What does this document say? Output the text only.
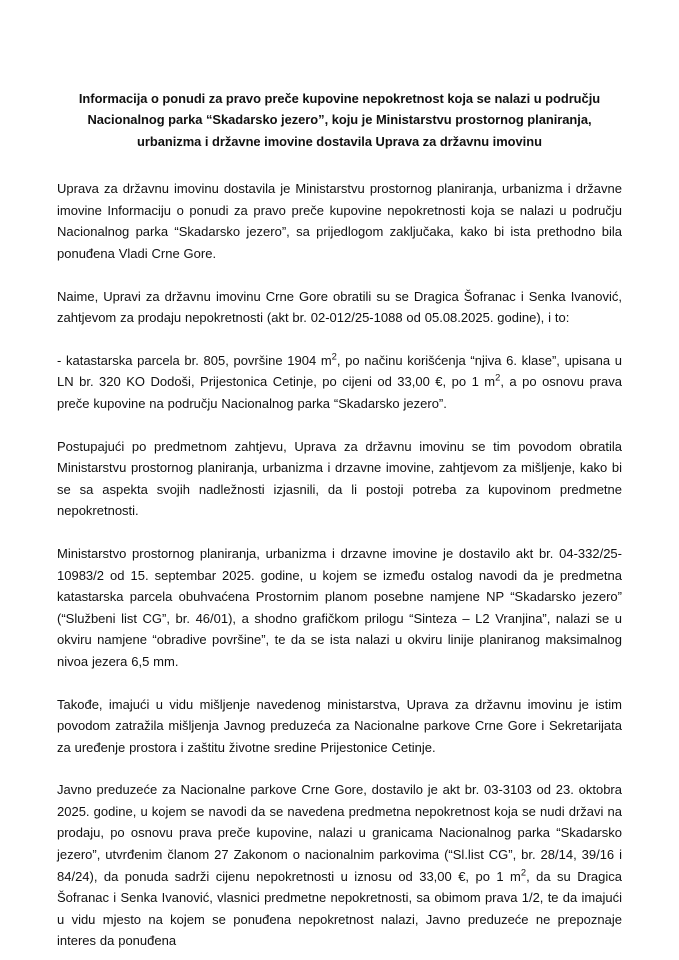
Informacija o ponudi za pravo preče kupovine nepokretnost koja se nalazi u području Nacionalnog parka “Skadarsko jezero”, koju je Ministarstvu prostornog planiranja, urbanizma i državne imovine dostavila Uprava za državnu imovinu

Uprava za državnu imovinu dostavila je Ministarstvu prostornog planiranja, urbanizma i državne imovine Informaciju o ponudi za pravo preče kupovine nepokretnosti koja se nalazi u području Nacionalnog parka “Skadarsko jezero”, sa prijedlogom zaključaka, kako bi ista prethodno bila ponuđena Vladi Crne Gore.

Naime, Upravi za državnu imovinu Crne Gore obratili su se Dragica Šofranac i Senka Ivanović, zahtjevom za prodaju nepokretnosti (akt br. 02-012/25-1088 od 05.08.2025. godine), i to:

- katastarska parcela br. 805, površine 1904 $m^2$, po načinu korišćenja “njiva 6. klase”, upisana u LN br. 320 KO Dodoši, Prijestonica Cetinje, po cijeni od 33,00 €, po 1 $m^2$, a po osnovu prava preče kupovine na području Nacionalnog parka “Skadarsko jezero”.

Postupajući po predmetnom zahtjevu, Uprava za državnu imovinu se tim povodom obratila Ministarstvu prostornog planiranja, urbanizma i drzavne imovine, zahtjevom za mišljenje, kako bi se sa aspekta svojih nadležnosti izjasnili, da li postoji potreba za kupovinom predmetne nepokretnosti.

Ministarstvo prostornog planiranja, urbanizma i drzavne imovine je dostavilo akt br. 04-332/25-10983/2 od 15. septembar 2025. godine, u kojem se između ostalog navodi da je predmetna katastarska parcela obuhvaćena Prostornim planom posebne namjene NP “Skadarsko jezero” (“Službeni list CG”, br. 46/01), a shodno grafičkom prilogu “Sinteza – L2 Vranjina”, nalazi se u okviru namjene “obradive površine”, te da se ista nalazi u okviru linije planiranog maksimalnog nivoa jezera 6,5 mm.

Takođe, imajući u vidu mišljenje navedenog ministarstva, Uprava za državnu imovinu je istim povodom zatražila mišljenja Javnog preduzeća za Nacionalne parkove Crne Gore i Sekretarijata za uređenje prostora i zaštitu životne sredine Prijestonice Cetinje.

Javno preduzeće za Nacionalne parkove Crne Gore, dostavilo je akt br. 03-3103 od 23. oktobra 2025. godine, u kojem se navodi da se navedena predmetna nepokretnost koja se nudi državi na prodaju, po osnovu prava preče kupovine, nalazi u granicama Nacionalnog parka “Skadarsko jezero”, utvrđenim članom 27 Zakonom o nacionalnim parkovima (“Sl.list CG”, br. 28/14, 39/16 i 84/24), da ponuda sadrži cijenu nepokretnosti u iznosu od 33,00 €, po 1 $m^2$, da su Dragica Šofranac i Senka Ivanović, vlasnici predmetne nepokretnosti, sa obimom prava 1/2, te da imajući u vidu mjesto na kojem se ponuđena nepokretnost nalazi, Javno preduzeće ne prepoznaje interes da ponuđena
